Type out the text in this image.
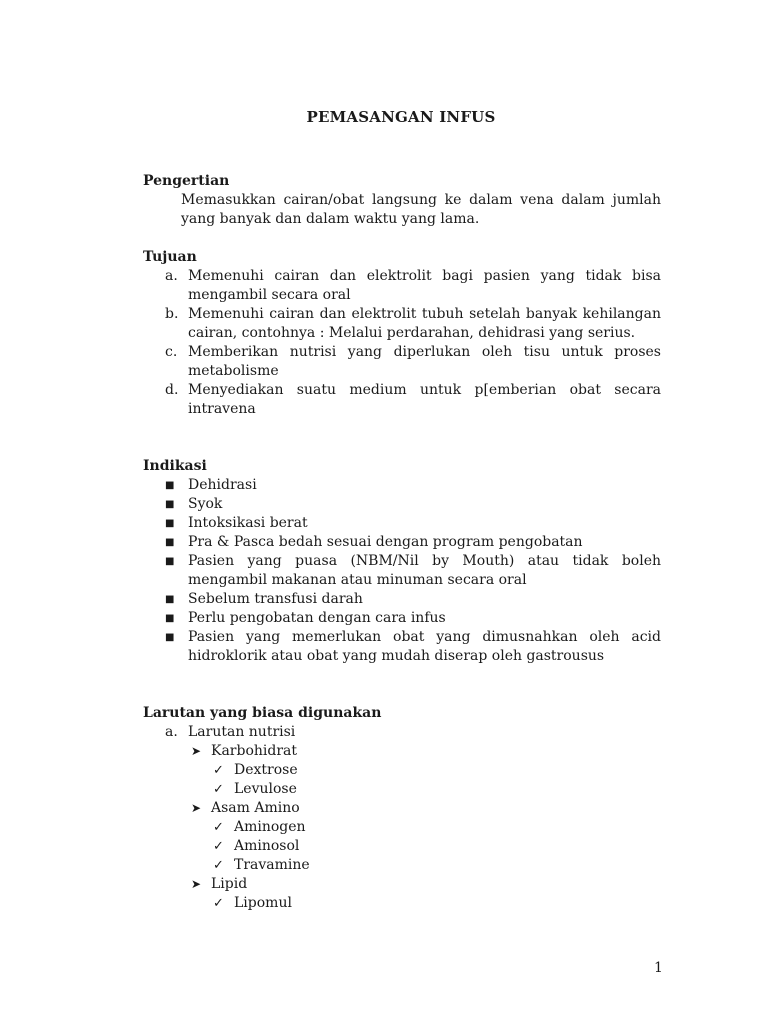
PEMASANGAN INFUS
Pengertian
Memasukkan cairan/obat langsung ke dalam vena dalam jumlah yang banyak dan dalam waktu yang lama.
Tujuan
a. Memenuhi cairan dan elektrolit bagi pasien yang tidak bisa mengambil secara oral
b. Memenuhi cairan dan elektrolit tubuh setelah banyak kehilangan cairan, contohnya : Melalui perdarahan, dehidrasi yang serius.
c. Memberikan nutrisi yang diperlukan oleh tisu untuk proses metabolisme
d. Menyediakan suatu medium untuk p[emberian obat secara intravena
Indikasi
■ Dehidrasi
■ Syok
■ Intoksikasi berat
■ Pra & Pasca bedah sesuai dengan program pengobatan
■ Pasien yang puasa (NBM/Nil by Mouth) atau tidak boleh mengambil makanan atau minuman secara oral
■ Sebelum transfusi darah
■ Perlu pengobatan dengan cara infus
■ Pasien yang memerlukan obat yang dimusnahkan oleh acid hidroklorik atau obat yang mudah diserap oleh gastrousus
Larutan yang biasa digunakan
a. Larutan nutrisi
➤ Karbohidrat
✓ Dextrose
✓ Levulose
➤ Asam Amino
✓ Aminogen
✓ Aminosol
✓ Travamine
➤ Lipid
✓ Lipomul
1
